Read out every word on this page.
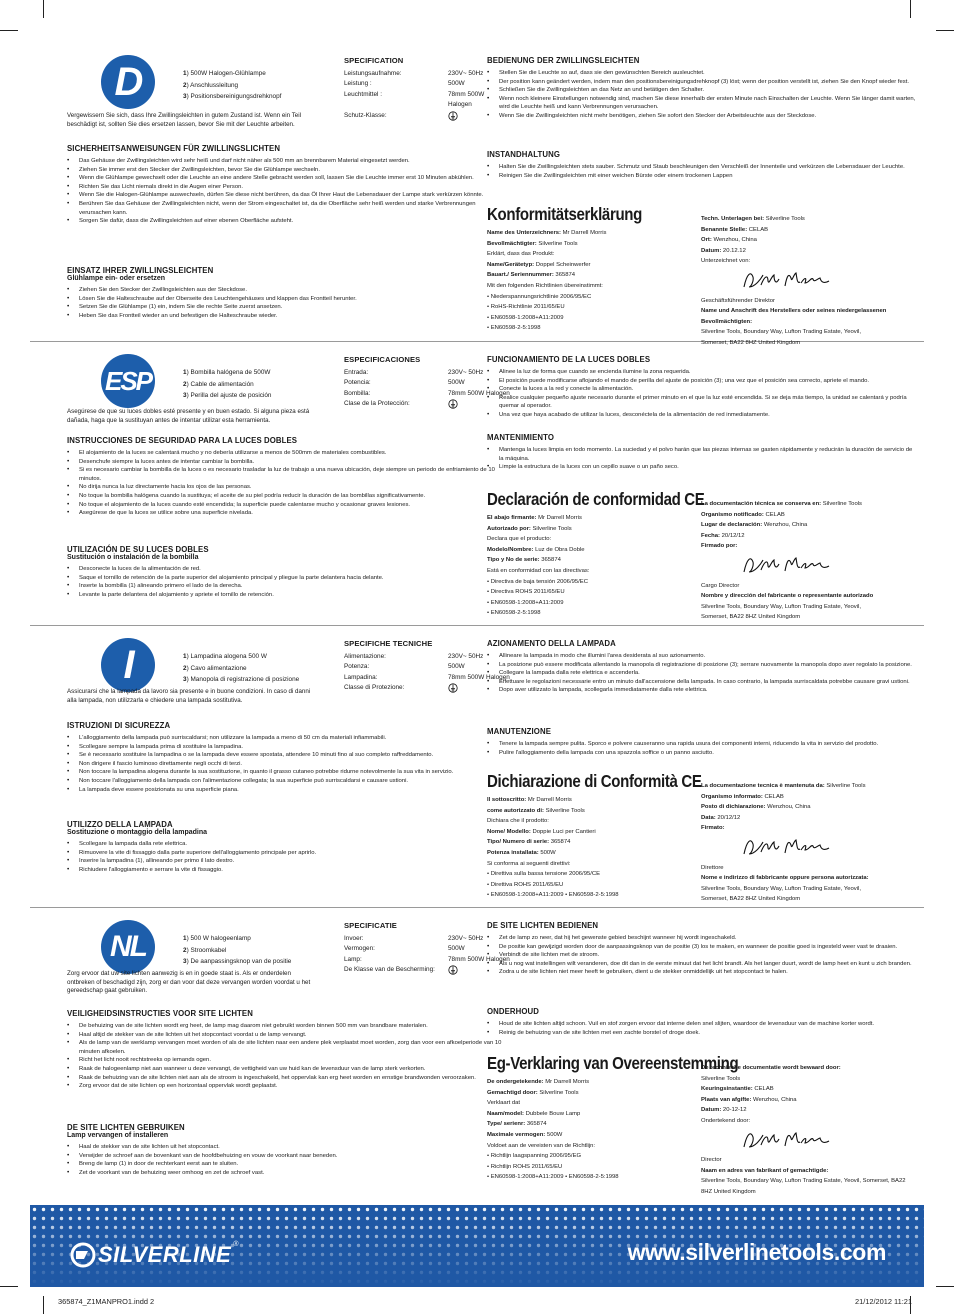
D	1) 500W Halogen-Glühlampe
2) Anschlussleitung
3) Positionsbereinigungsdrehknopf
SPECIFICATION
Leistungsaufnahme:	230V~ 50Hz
Leistung :	500W
Leuchtmittel :	78mm 500W
Halogen
Schutz-Klasse:
Vergewissern Sie sich, dass Ihre Zwillingsleichten in gutem Zustand ist. Wenn ein Teil beschädigt ist, sollten Sie dies ersetzen lassen, bevor Sie mit der Leuchte arbeiten.
SICHERHEITSANWEISUNGEN FÜR ZWILLINGSLICHTEN
• Das Gehäuse der Zwillingsleichten wird sehr heiß und darf nicht näher als 500 mm an brennbarem Material eingesetzt werden.
• Ziehen Sie immer erst den Stecker der Zwillingsleichten, bevor Sie die Glühlampe wechseln.
• Wenn die Glühlampe gewechselt oder die Leuchte an eine andere Stelle gebracht werden soll, lassen Sie die Leuchte immer erst 10 Minuten abkühlen.
• Richten Sie das Licht niemals direkt in die Augen einer Person.
• Wenn Sie die Halogen-Glühlampe auswechseln, dürfen Sie diese nicht berühren, da das Öl Ihrer Haut die Lebensdauer der Lampe stark verkürzen könnte.
• Berühren Sie das Gehäuse der Zwillingsleichten nicht, wenn der Strom eingeschaltet ist, da die Oberfläche sehr heiß werden und starke Verbrennungen verursachen kann.
• Sorgen Sie dafür, dass die Zwillingsleichten auf einer ebenen Oberfläche aufsteht.
EINSATZ IHRER ZWILLINGSLEICHTEN
Glühlampe ein- oder ersetzen
• Ziehen Sie den Stecker der Zwillingsleichten aus der Steckdose.
• Lösen Sie die Halteschraube auf der Oberseite des Leuchtengehäuses und klappen das Frontteil herunter.
• Setzen Sie die Glühlampe (1) ein, indem Sie die rechte Seite zuerst ansetzen.
• Heben Sie das Frontteil wieder an und befestigen die Halteschraube wieder.
BEDIENUNG DER ZWILLINGSLEICHTEN
• Stellen Sie die Leuchte so auf, dass sie den gewünschten Bereich ausleuchtet.
• Der position kann geändert werden, indem man den positionsbereinigungsdrehknopf (3) löst; wenn der position verstellt ist, ziehen Sie den Knopf wieder fest.
• Schließen Sie die Zwillingsleichten an das Netz an und betätigen den Schalter.
• Wenn noch kleinere Einstellungen notwendig sind, machen Sie diese innerhalb der ersten Minute nach Einschalten der Leuchte. Wenn Sie länger damit warten, wird die Leuchte heiß und kann Verbrennungen verursachen.
• Wenn Sie die Zwillingsleichten nicht mehr benötigen, ziehen Sie sofort den Stecker der Arbeitsleuchte aus der Steckdose.
INSTANDHALTUNG
• Halten Sie die Zwillingsleichten stets sauber. Schmutz und Staub beschleunigen den Verschleiß der Innenteile und verkürzen die Lebensdauer der Leuchte.
• Reinigen Sie die Zwillingsleichten mit einer weichen Bürste oder einem trockenen Lappen
Konformitätserklärung
Name des Unterzeichners: Mr Darrell Morris
Bevollmächtigter: Silverline Tools
Erklärt, dass das Produkt:
Name/Gerätetyp: Doppel Scheinwerfer
Bauart./ Seriennummer: 365874
Mit den folgenden Richtlinien übereinstimmt:
• Niederspannungsrichtlinie 2006/95/EC
• RoHS-Richtlinie 2011/65/EU
• EN60598-1:2008+A11:2009
• EN60598-2-5:1998
Techn. Unterlagen bei: Silverline Tools
Benannte Stelle: CELAB
Ort: Wenzhou, China
Datum: 20.12.12
Unterzeichnet von:
Geschäftsführender Direktor
Name und Anschrift des Herstellers oder seines niedergelassenen Bevollmächtigten:
Silverline Tools, Boundary Way, Lufton Trading Estate, Yeovil,
Somerset, BA22 8HZ United Kingdom
ESP	1) Bombilla halógena de 500W
2) Cable de alimentación
3) Perilla del ajuste de posición
ESPECIFICACIONES
Entrada:	230V~ 50Hz
Potencia:	500W
Bombilla:	78mm 500W Halogen
Clase de la Protección:
Asegúrese de que su luces dobles esté presente y en buen estado. Si alguna pieza está dañada, haga que la sustituyan antes de intentar utilizar esta herramienta.
INSTRUCCIONES DE SEGURIDAD PARA LA LUCES DOBLES
• El alojamiento de la luces se calentará mucho y no debería utilizarse a menos de 500mm de materiales combustibles.
• Desenchufe siempre la luces antes de intentar cambiar la bombilla.
• Si es necesario cambiar la bombilla de la luces o es necesario trasladar la luz de trabajo a una nueva ubicación, deje siempre un periodo de enfriamiento de 10 minutos.
• No dirija nunca la luz directamente hacia los ojos de las personas.
• No toque la bombilla halógena cuando la sustituya; el aceite de su piel podría reducir la duración de las bombillas significativamente.
• No toque el alojamiento de la luces cuando esté encendida; la superficie puede calentarse mucho y ocasionar graves lesiones.
• Asegúrese de que la luces se utilice sobre una superficie nivelada.
UTILIZACIÓN DE SU LUCES DOBLES
Sustitución o instalación de la bombilla
• Desconecte la luces de la alimentación de red.
• Saque el tornillo de retención de la parte superior del alojamiento principal y pliegue la parte delantera hacia delante.
• Inserte la bombilla (1) alineando primero el lado de la derecha.
• Levante la parte delantera del alojamiento y apriete el tornillo de retención.
FUNCIONAMIENTO DE LA LUCES DOBLES
• Alinee la luz de forma que cuando se encienda ilumine la zona requerida.
• El posición puede modificarse aflojando el mando de perilla del ajuste de posición (3); una vez que el posición sea correcto, apriete el mando.
• Conecte la luces a la red y conecte la alimentación.
• Realice cualquier pequeño ajuste necesario durante el primer minuto en el que la luz esté encendida. Si se deja más tiempo, la unidad se calentará y podría quemar al operador.
• Una vez que haya acabado de utilizar la luces, desconéctela de la alimentación de red inmediatamente.
MANTENIMIENTO
• Mantenga la luces limpia en todo momento. La suciedad y el polvo harán que las piezas internas se gasten rápidamente y reducirán la duración de servicio de la máquina.
• Limpie la estructura de la luces con un cepillo suave o un paño seco.
Declaración de conformidad CE
El abajo firmante: Mr Darrell Morris
Autorizado por: Silverline Tools
Declara que el producto:
Modelo/Nombre: Luz de Obra Doble
Tipo y No de serie: 365874
Está en conformidad con las directivas:
• Directiva de baja tensión 2006/95/EC
• Directiva ROHS 2011/65/EU
• EN60598-1:2008+A11:2009
• EN60598-2-5:1998
La documentación técnica se conserva en: Silverline Tools
Organismo notificado: CELAB
Lugar de declaración: Wenzhou, China
Fecha: 20/12/12
Firmado por:
Cargo Director
Nombre y dirección del fabricante o representante autorizado
Silverline Tools, Boundary Way, Lufton Trading Estate, Yeovil,
Somerset, BA22 8HZ United Kingdom
I	1) Lampadina alogena 500 W
2) Cavo alimentazione
3) Manopola di registrazione di posizione
SPECIFICHE TECNICHE
Alimentazione:	230V~ 50Hz
Potenza:	500W
Lampadina:	78mm 500W Halogen
Classe di Protezione:
Assicurarsi che la lampada da lavoro sia presente e in buone condizioni. In caso di danni alla lampada, non utilizzarla e chiedere una lampada sostitutiva.
ISTRUZIONI DI SICUREZZA
• L'alloggiamento della lampada può surriscaldarsi; non utilizzare la lampada a meno di 50 cm da materiali infiammabili.
• Scollegare sempre la lampada prima di sostituire la lampadina.
• Se è necessario sostituire la lampadina o se la lampada deve essere spostata, attendere 10 minuti fino al suo completo raffreddamento.
• Non dirigere il fascio luminoso direttamente negli occhi di terzi.
• Non toccare la lampadina alogena durante la sua sostituzione, in quanto il grasso cutaneo potrebbe ridurne notevolmente la sua vita in servizio.
• Non toccare l'alloggiamento della lampada con l'alimentazione collegata; la sua superficie può surriscaldarsi e causare ustioni.
• La lampada deve essere posizionata su una superficie piana.
UTILIZZO DELLA LAMPADA
Sostituzione o montaggio della lampadina
• Scollegare la lampada dalla rete elettrica.
• Rimuovere la vite di fissaggio dalla parte superiore dell'alloggiamento principale per aprirlo.
• Inserire la lampadina (1), allineando per primo il lato destro.
• Richiudere l'alloggiamento e serrare la vite di fissaggio.
AZIONAMENTO DELLA LAMPADA
• Allineare la lampada in modo che illumini l'area desiderata al suo azionamento.
• La posizione può essere modificata allentando la manopola di registrazione di posizione (3); serrare nuovamente la manopola dopo aver regolato la posizione.
• Collegare la lampada dalla rete elettrica e accenderla.
• Effettuare le regolazioni necessarie entro un minuto dall'accensione della lampada. In caso contrario, la lampada surriscaldata potrebbe causare gravi ustioni.
• Dopo aver utilizzato la lampada, scollegarla immediatamente dalla rete elettrica.
MANUTENZIONE
• Tenere la lampada sempre pulita. Sporco e polvere causeranno una rapida usura dei componenti interni, riducendo la vita in servizio del prodotto.
• Pulire l'alloggiamento della lampada con una spazzola soffice o un panno asciutto.
Dichiarazione di Conformità CE
Il sottoscritto: Mr Darrell Morris
come autorizzato di: Silverline Tools
Dichiara che il prodotto:
Nome/ Modello: Doppie Luci per Cantieri
Tipo/ Numero di serie: 365874
Potenza installata: 500W
Si conforma ai seguenti direttivi:
• Direttiva sulla bassa tensione 2006/95/CE
• Direttiva ROHS 2011/65/EU
• EN60598-1:2008+A11:2009 • EN60598-2-5:1998
La documentazione tecnica è mantenuta da: Silverline Tools
Organismo informato: CELAB
Posto di dichiarazione: Wenzhou, China
Data: 20/12/12
Firmato:
Direttore
Nome e indirizzo di fabbricante oppure persona autorizzata:
Silverline Tools, Boundary Way, Lufton Trading Estate, Yeovil,
Somerset, BA22 8HZ United Kingdom
NL	1) 500 W halogeenlamp
2) Stroomkabel
3) De aanpassingsknop van de positie
SPECIFICATIE
Invoer:	230V~ 50Hz
Vermogen:	500W
Lamp:	78mm 500W Halogen
De Klasse van de Bescherming:
Zorg ervoor dat uw site lichten aanwezig is en in goede staat is. Als er onderdelen ontbreken of beschadigd zijn, zorg er dan voor dat deze vervangen worden voordat u het gereedschap gaat gebruiken.
VEILIGHEIDSINSTRUCTIES VOOR SITE LICHTEN
• De behuizing van de site lichten wordt erg heet, de lamp mag daarom niet gebruikt worden binnen 500 mm van brandbare materialen.
• Haal altijd de stekker van de site lichten uit het stopcontact voordat u de lamp vervangt.
• Als de lamp van de werklamp vervangen moet worden of als de site lichten naar een andere plek verplaatst moet worden, zorg dan voor een afkoelperiode van 10 minuten afkoelen.
• Richt het licht nooit rechtstreeks op iemands ogen.
• Raak de halogeenlamp niet aan wanneer u deze vervangt, de vettigheid van uw huid kan de levensduur van de lamp sterk verkorten.
• Raak de behuizing van de site lichten niet aan als de stroom is ingeschakeld, het oppervlak kan erg heet worden en ernstige brandwonden veroorzaken.
• Zorg ervoor dat de site lichten op een horizontaal oppervlak wordt geplaatst.
DE SITE LICHTEN GEBRUIKEN
Lamp vervangen of installeren
• Haal de stekker van de site lichten uit het stopcontact.
• Verwijder de schroef aan de bovenkant van de hoofdbehuizing en vouw de voorkant naar beneden.
• Breng de lamp (1) in door de rechterkant eerst aan te sluiten.
• Zet de voorkant van de behuizing weer omhoog en zet de schroef vast.
DE SITE LICHTEN BEDIENEN
• Zet de lamp zo neer, dat hij het gewenste gebied beschijnt wanneer hij wordt ingeschakeld.
• De positie kan gewijzigd worden door de aanpassingsknop van de positie (3) los te maken, en wanneer de positie goed is ingesteld weer vast te draaien.
• Verbindt de site lichten met de stroom.
• Als u nog wat instellingen wilt veranderen, doe dit dan in de eerste minuut dat het licht brandt. Als het langer duurt, wordt de lamp heet en kunt u zich branden.
• Zodra u de site lichten niet meer heeft te gebruiken, dient u de stekker onmiddellijk uit het stopcontact te halen.
ONDERHOUD
• Houd de site lichten altijd schoon. Vuil en stof zorgen ervoor dat interne delen snel slijten, waardoor de levensduur van de machine korter wordt.
• Reinig de behuizing van de site lichten met een zachte borstel of droge doek.
Eg-Verklaring van Overeenstemming
De ondergetekende: Mr Darrell Morris
Gemachtigd door: Silverline Tools
Verklaart dat
Naam/model: Dubbele Bouw Lamp
Type/ serienr: 365874
Maximale vermogen: 500W
Voldoet aan de vereisten van de Richtlijn:
• Richtlijn laagspanning 2006/95/EG
• Richtlijn ROHS 2011/65/EU
• EN60598-1:2008+A11:2009 • EN60598-2-5:1998
De technische documentatie wordt bewaard door:
Silverline Tools
Keuringsinstantie: CELAB
Plaats van afgifte: Wenzhou, China
Datum: 20-12-12
Ondertekend door:
Director
Naam en adres van fabrikant of gemachtigde:
Silverline Tools, Boundary Way, Lufton Trading Estate, Yeovil, Somerset, BA22
8HZ United Kingdom
SILVERLINE ®	www.silverlinetools.com
365874_Z1MANPRO1.indd 2	21/12/2012 11:21
